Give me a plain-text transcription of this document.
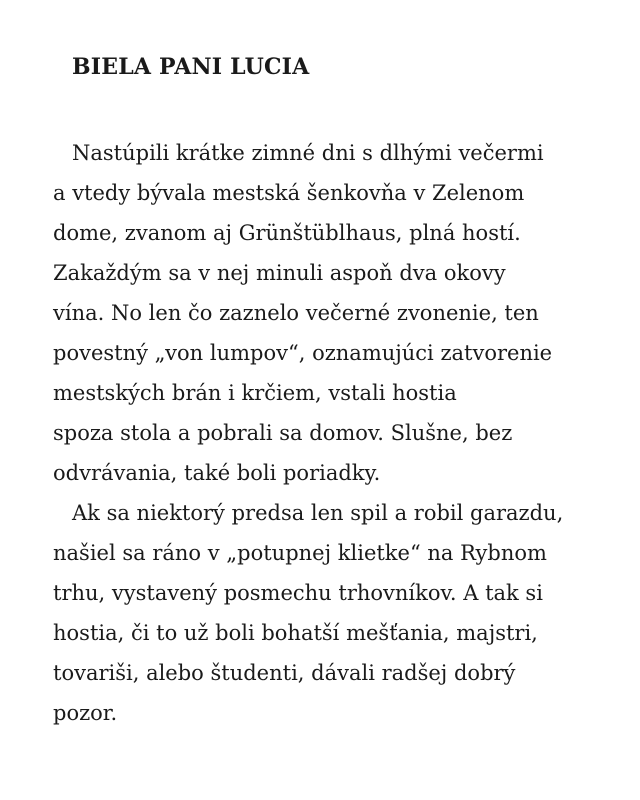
BIELA PANI LUCIA
Nastúpili krátke zimné dni s dlhými večermi
a vtedy bývala mestská šenkovňa v Zelenom
dome, zvanom aj Grünštüblhaus, plná hostí.
Zakaždým sa v nej minuli aspoň dva okovy
vína. No len čo zaznelo večerné zvonenie, ten
povestný „von lumpov“, oznamujúci zatvorenie
mestských brán i krčiem, vstali hostia
spoza stola a pobrali sa domov. Slušne, bez
odvrávania, také boli poriadky.
Ak sa niektorý predsa len spil a robil garazdu,
našiel sa ráno v „potupnej klietke“ na Rybnom
trhu, vystavený posmechu trhovníkov. A tak si
hostia, či to už boli bohatší mešťania, majstri,
tovariši, alebo študenti, dávali radšej dobrý
pozor.
